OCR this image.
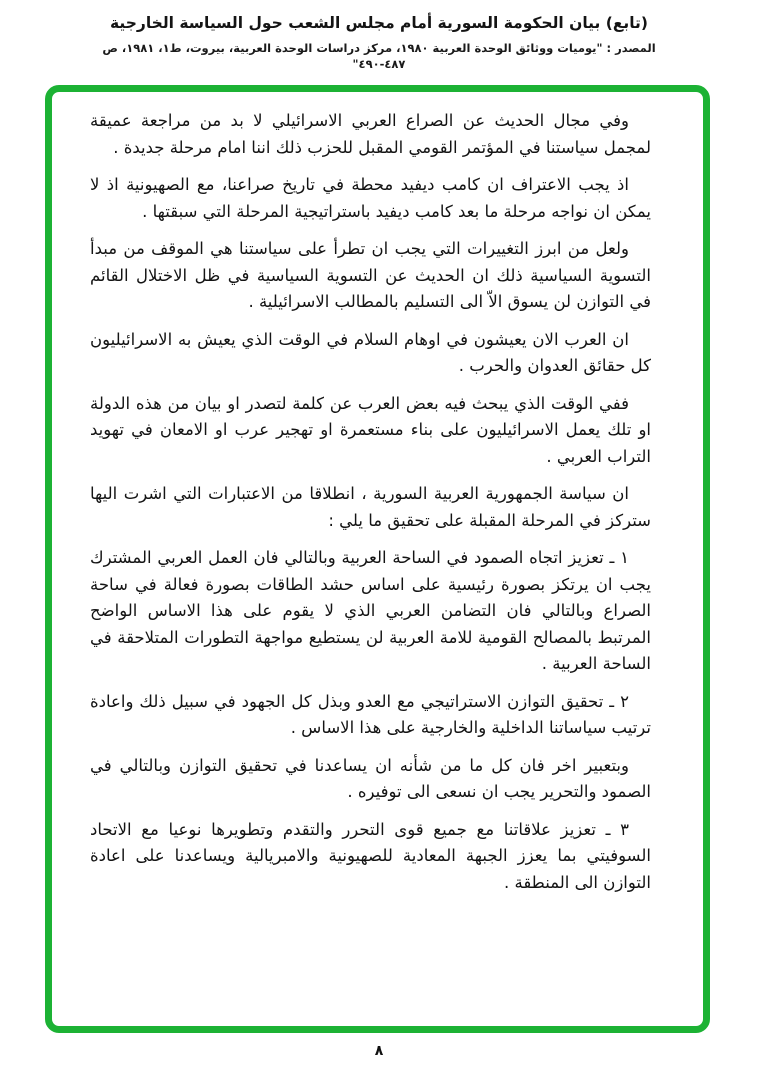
(تابع) بيان الحكومة السورية أمام مجلس الشعب حول السياسة الخارجية
المصدر : "يوميات ووثائق الوحدة العربية ١٩٨٠، مركز دراسات الوحدة العربية، بيروت، ط١، ١٩٨١، ص ٤٨٧-٤٩٠"

وفي مجال الحديث عن الصراع العربي الاسرائيلي لا بد من مراجعة عميقة لمجمل سياستنا في المؤتمر القومي المقبل للحزب ذلك اننا امام مرحلة جديدة .

اذ يجب الاعتراف ان كامب ديفيد محطة في تاريخ صراعنا، مع الصهيونية اذ لا يمكن ان نواجه مرحلة ما بعد كامب ديفيد باستراتيجية المرحلة التي سبقتها .

ولعل من ابرز التغييرات التي يجب ان تطرأ على سياستنا هي الموقف من مبدأ التسوية السياسية ذلك ان الحديث عن التسوية السياسية في ظل الاختلال القائم في التوازن لن يسوق الاّ الى التسليم بالمطالب الاسرائيلية .

ان العرب الان يعيشون في اوهام السلام في الوقت الذي يعيش به الاسرائيليون كل حقائق العدوان والحرب .

ففي الوقت الذي يبحث فيه بعض العرب عن كلمة لتصدر او بيان من هذه الدولة او تلك يعمل الاسرائيليون على بناء مستعمرة او تهجير عرب او الامعان في تهويد التراب العربي .

ان سياسة الجمهورية العربية السورية ، انطلاقا من الاعتبارات التي اشرت اليها ستركز في المرحلة المقبلة على تحقيق ما يلي :

١ ـ تعزيز اتجاه الصمود في الساحة العربية وبالتالي فان العمل العربي المشترك يجب ان يرتكز بصورة رئيسية على اساس حشد الطاقات بصورة فعالة في ساحة الصراع وبالتالي فان التضامن العربي الذي لا يقوم على هذا الاساس الواضح المرتبط بالمصالح القومية للامة العربية لن يستطيع مواجهة التطورات المتلاحقة في الساحة العربية .

٢ ـ تحقيق التوازن الاستراتيجي مع العدو وبذل كل الجهود في سبيل ذلك واعادة ترتيب سياساتنا الداخلية والخارجية على هذا الاساس .

وبتعبير اخر فان كل ما من شأنه ان يساعدنا في تحقيق التوازن وبالتالي في الصمود والتحرير يجب ان نسعى الى توفيره .

٣ ـ تعزيز علاقاتنا مع جميع قوى التحرر والتقدم وتطويرها نوعيا مع الاتحاد السوفيتي بما يعزز الجبهة المعادية للصهيونية والامبريالية ويساعدنا على اعادة التوازن الى المنطقة .

٨
